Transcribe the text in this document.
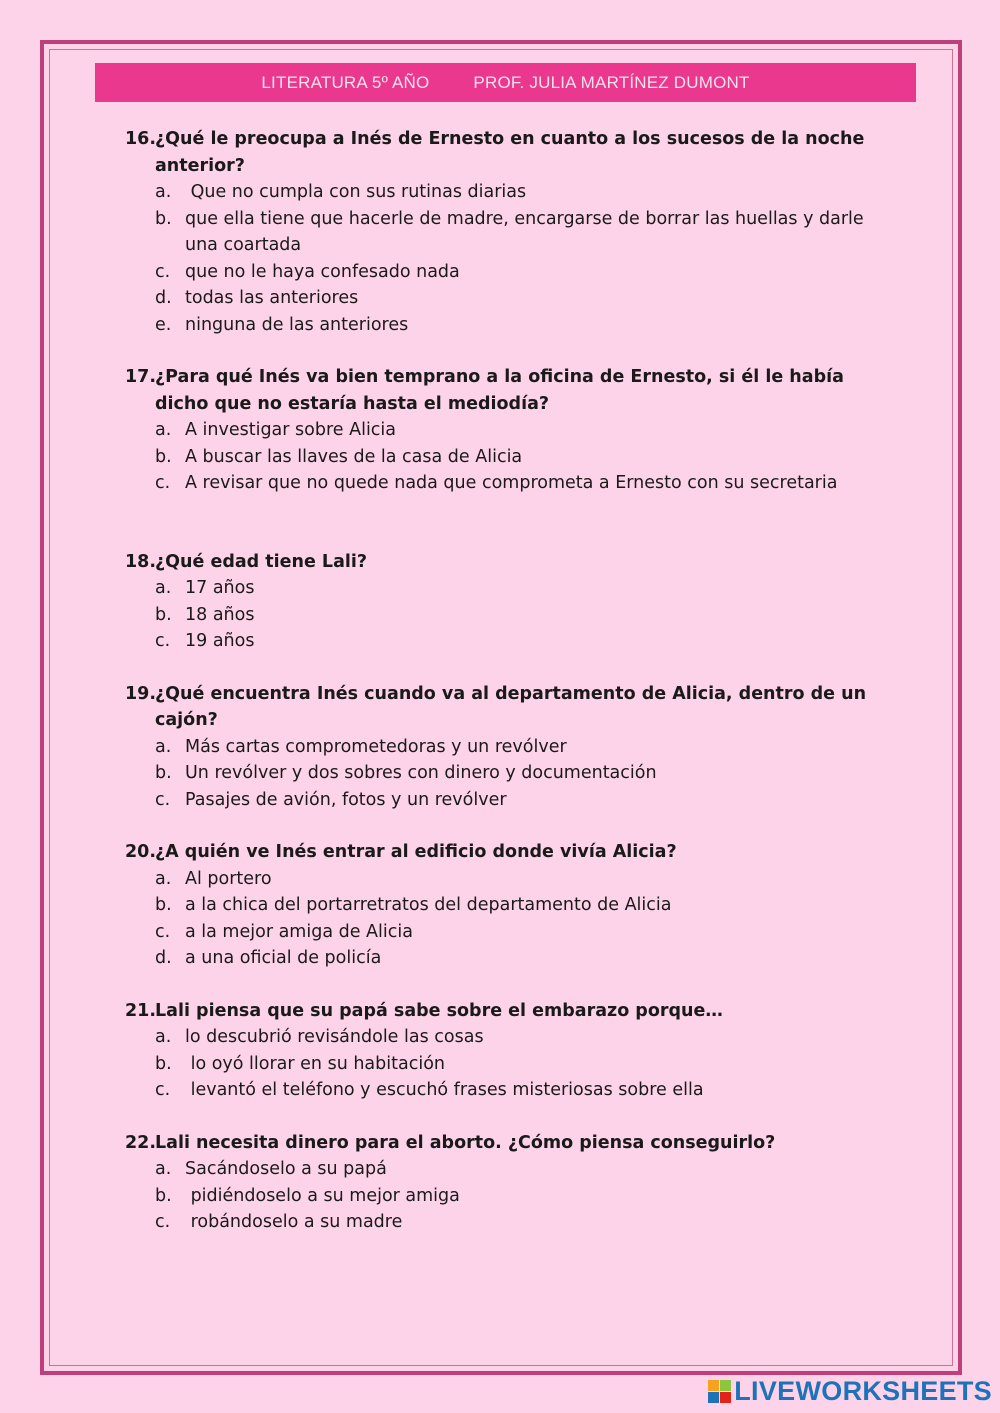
LITERATURA 5º AÑO	PROF. JULIA MARTÍNEZ DUMONT
16.
¿Qué le preocupa a Inés de Ernesto en cuanto a los sucesos de la noche anterior?
a. Que no cumpla con sus rutinas diarias
b. que ella tiene que hacerle de madre, encargarse de borrar las huellas y darle una coartada
c. que no le haya confesado nada
d. todas las anteriores
e. ninguna de las anteriores
17.
¿Para qué Inés va bien temprano a la oficina de Ernesto, si él le había dicho que no estaría hasta el mediodía?
a. A investigar sobre Alicia
b. A buscar las llaves de la casa de Alicia
c. A revisar que no quede nada que comprometa a Ernesto con su secretaria
18.
¿Qué edad tiene Lali?
a. 17 años
b. 18 años
c. 19 años
19.
¿Qué encuentra Inés cuando va al departamento de Alicia, dentro de un cajón?
a. Más cartas comprometedoras y un revólver
b. Un revólver y dos sobres con dinero y documentación
c. Pasajes de avión, fotos y un revólver
20.
¿A quién ve Inés entrar al edificio donde vivía Alicia?
a. Al portero
b. a la chica del portarretratos del departamento de Alicia
c. a la mejor amiga de Alicia
d. a una oficial de policía
21.
Lali piensa que su papá sabe sobre el embarazo porque…
a. lo descubrió revisándole las cosas
b. lo oyó llorar en su habitación
c. levantó el teléfono y escuchó frases misteriosas sobre ella
22.
Lali necesita dinero para el aborto. ¿Cómo piensa conseguirlo?
a. Sacándoselo a su papá
b. pidiéndoselo a su mejor amiga
c. robándoselo a su madre
LIVEWORKSHEETS
